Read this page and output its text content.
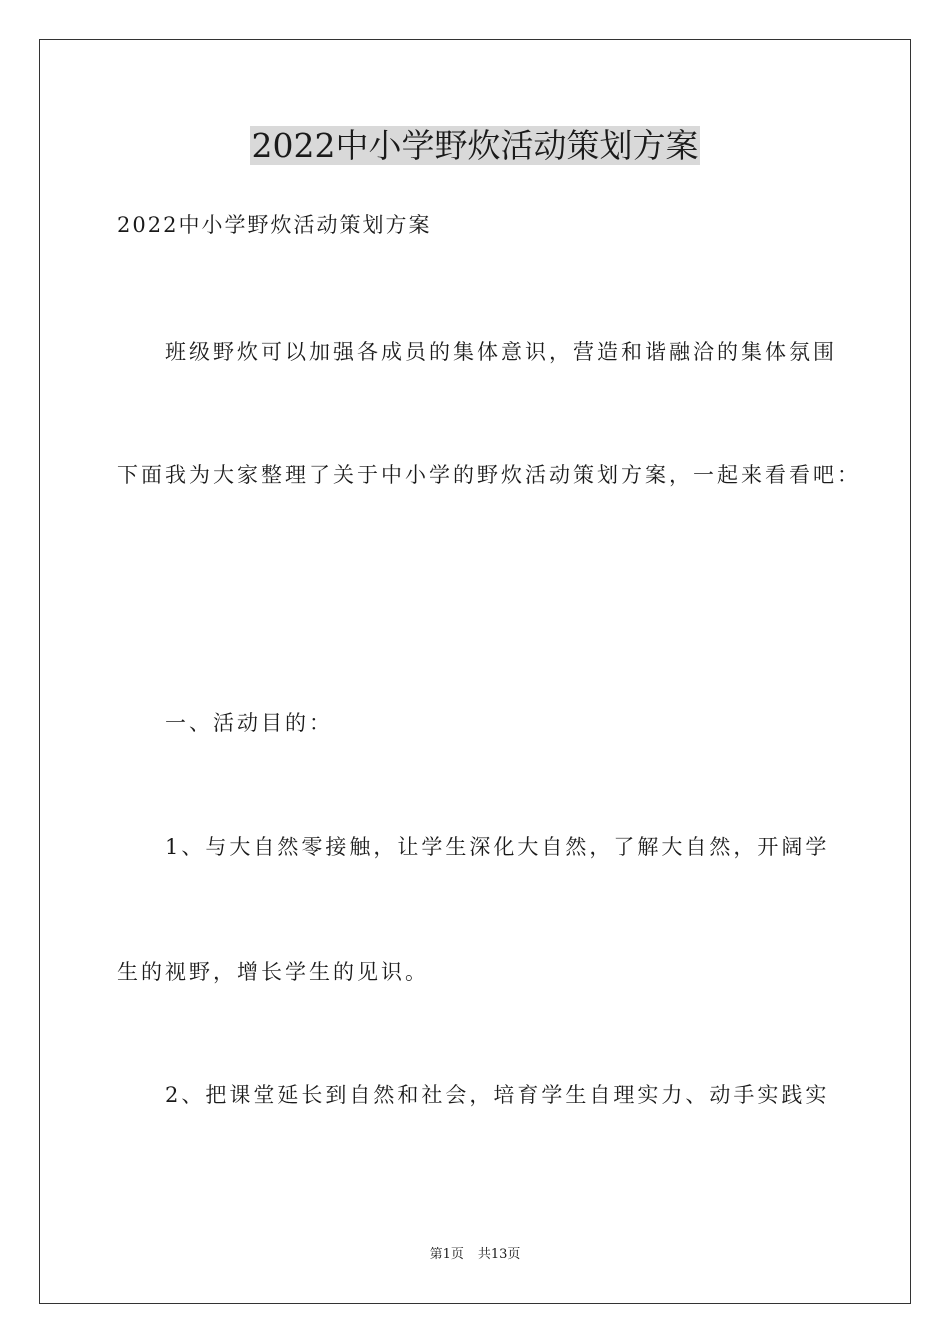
2022中小学野炊活动策划方案
2022中小学野炊活动策划方案
班级野炊可以加强各成员的集体意识，营造和谐融洽的集体氛围
下面我为大家整理了关于中小学的野炊活动策划方案，一起来看看吧：
一、活动目的：
1、与大自然零接触，让学生深化大自然，了解大自然，开阔学
生的视野，增长学生的见识。
2、把课堂延长到自然和社会，培育学生自理实力、动手实践实
第1页 共13页
